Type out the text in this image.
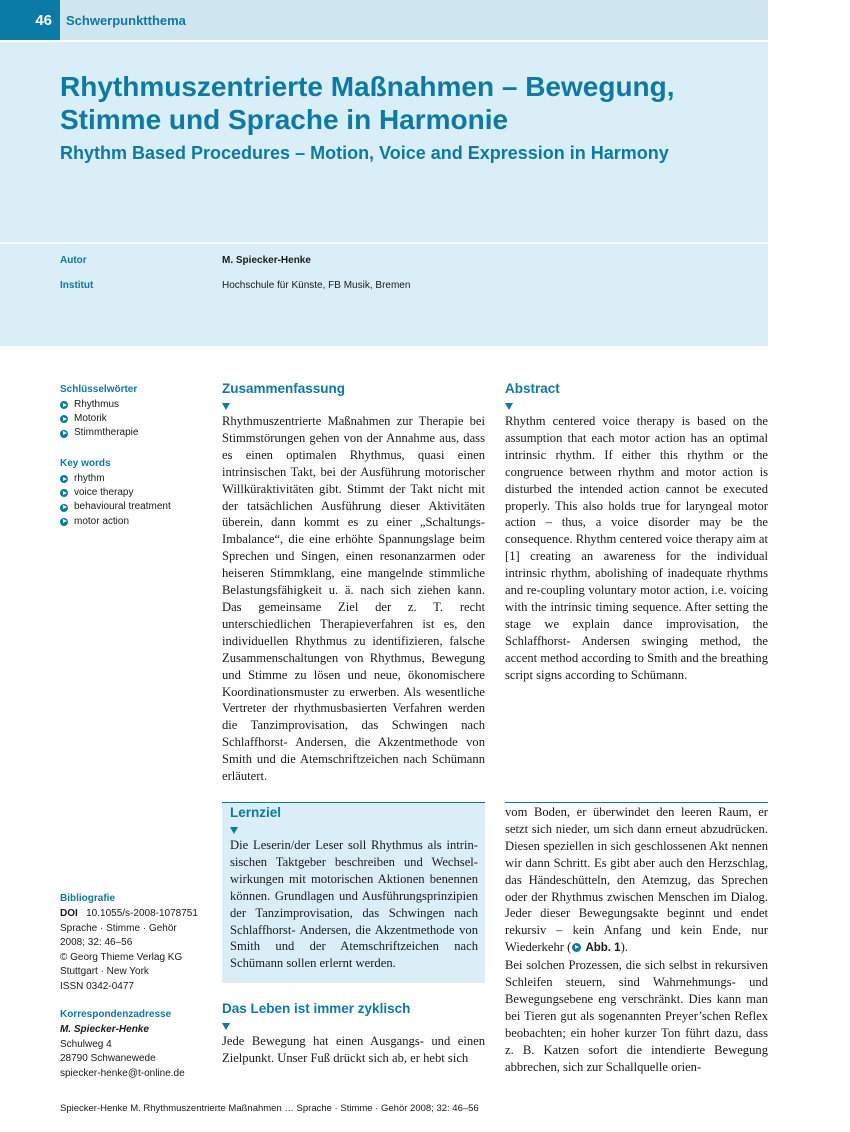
46	Schwerpunktthema
Rhythmuszentrierte Maßnahmen – Bewegung, Stimme und Sprache in Harmonie
Rhythm Based Procedures – Motion, Voice and Expression in Harmony
Autor	M. Spiecker-Henke
Institut	Hochschule für Künste, FB Musik, Bremen
Schlüsselwörter
Rhythmus
Motorik
Stimmtherapie
Key words
rhythm
voice therapy
behavioural treatment
motor action
Bibliografie
DOI 10.1055/s-2008-1078751
Sprache · Stimme · Gehör
2008; 32: 46–56
© Georg Thieme Verlag KG
Stuttgart · New York
ISSN 0342-0477
Korrespondenzadresse
M. Spiecker-Henke
Schulweg 4
28790 Schwanewede
spiecker-henke@t-online.de
Zusammenfassung
Rhythmuszentrierte Maßnahmen zur Therapie bei Stimmstörungen gehen von der Annahme aus, dass es einen optimalen Rhythmus, quasi einen intrinsischen Takt, bei der Ausführung motorischer Willküraktivitäten gibt. Stimmt der Takt nicht mit der tatsächlichen Ausführung dieser Aktivitäten überein, dann kommt es zu einer „Schaltungs-Imbalance“, die eine erhöhte Spannungslage beim Sprechen und Singen, einen resonanzarmen oder heiseren Stimmklang, eine mangelnde stimmliche Belastungsfähigkeit u. ä. nach sich ziehen kann. Das gemeinsame Ziel der z. T. recht unterschiedlichen Therapieverfahren ist es, den individuellen Rhythmus zu identifizieren, falsche Zusammenschaltungen von Rhythmus, Bewegung und Stimme zu lösen und neue, ökonomischere Koordinationsmuster zu erwerben. Als wesentliche Vertreter der rhythmusbasierten Verfahren werden die Tanzimprovisation, das Schwingen nach Schlaffhorst- Andersen, die Akzentmethode von Smith und die Atemschriftzeichen nach Schümann erläutert.
Abstract
Rhythm centered voice therapy is based on the assumption that each motor action has an optimal intrinsic rhythm. If either this rhythm or the congruence between rhythm and motor action is disturbed the intended action cannot be executed properly. This also holds true for laryngeal motor action – thus, a voice disorder may be the consequence. Rhythm centered voice therapy aim at [1] creating an awareness for the individual intrinsic rhythm, abolishing of inadequate rhythms and re-coupling voluntary motor action, i.e. voicing with the intrinsic timing sequence. After setting the stage we explain dance improvisation, the Schlaffhorst- Andersen swinging method, the accent method according to Smith and the breathing script signs according to Schümann.
Lernziel
Die Leserin/der Leser soll Rhythmus als intrinsischen Taktgeber beschreiben und Wechselwirkungen mit motorischen Aktionen benennen können. Grundlagen und Ausführungsprinzipien der Tanzimprovisation, das Schwingen nach Schlaffhorst- Andersen, die Akzentmethode von Smith und der Atemschriftzeichen nach Schümann sollen erlernt werden.
Das Leben ist immer zyklisch
Jede Bewegung hat einen Ausgangs- und einen Zielpunkt. Unser Fuß drückt sich ab, er hebt sich

vom Boden, er überwindet den leeren Raum, er setzt sich nieder, um sich dann erneut abzudrücken. Diesen speziellen in sich geschlossenen Akt nennen wir dann Schritt. Es gibt aber auch den Herzschlag, das Händeschütteln, den Atemzug, das Sprechen oder der Rhythmus zwischen Menschen im Dialog. Jeder dieser Bewegungsakte beginnt und endet rekursiv – kein Anfang und kein Ende, nur Wiederkehr ( Abb. 1).

Bei solchen Prozessen, die sich selbst in rekursiven Schleifen steuern, sind Wahrnehmungs- und Bewegungsebene eng verschränkt. Dies kann man bei Tieren gut als sogenannten Preyer’schen Reflex beobachten; ein hoher kurzer Ton führt dazu, dass z. B. Katzen sofort die intendierte Bewegung abbrechen, sich zur Schallquelle orien-

Spiecker-Henke M. Rhythmuszentrierte Maßnahmen … Sprache · Stimme · Gehör 2008; 32: 46–56
